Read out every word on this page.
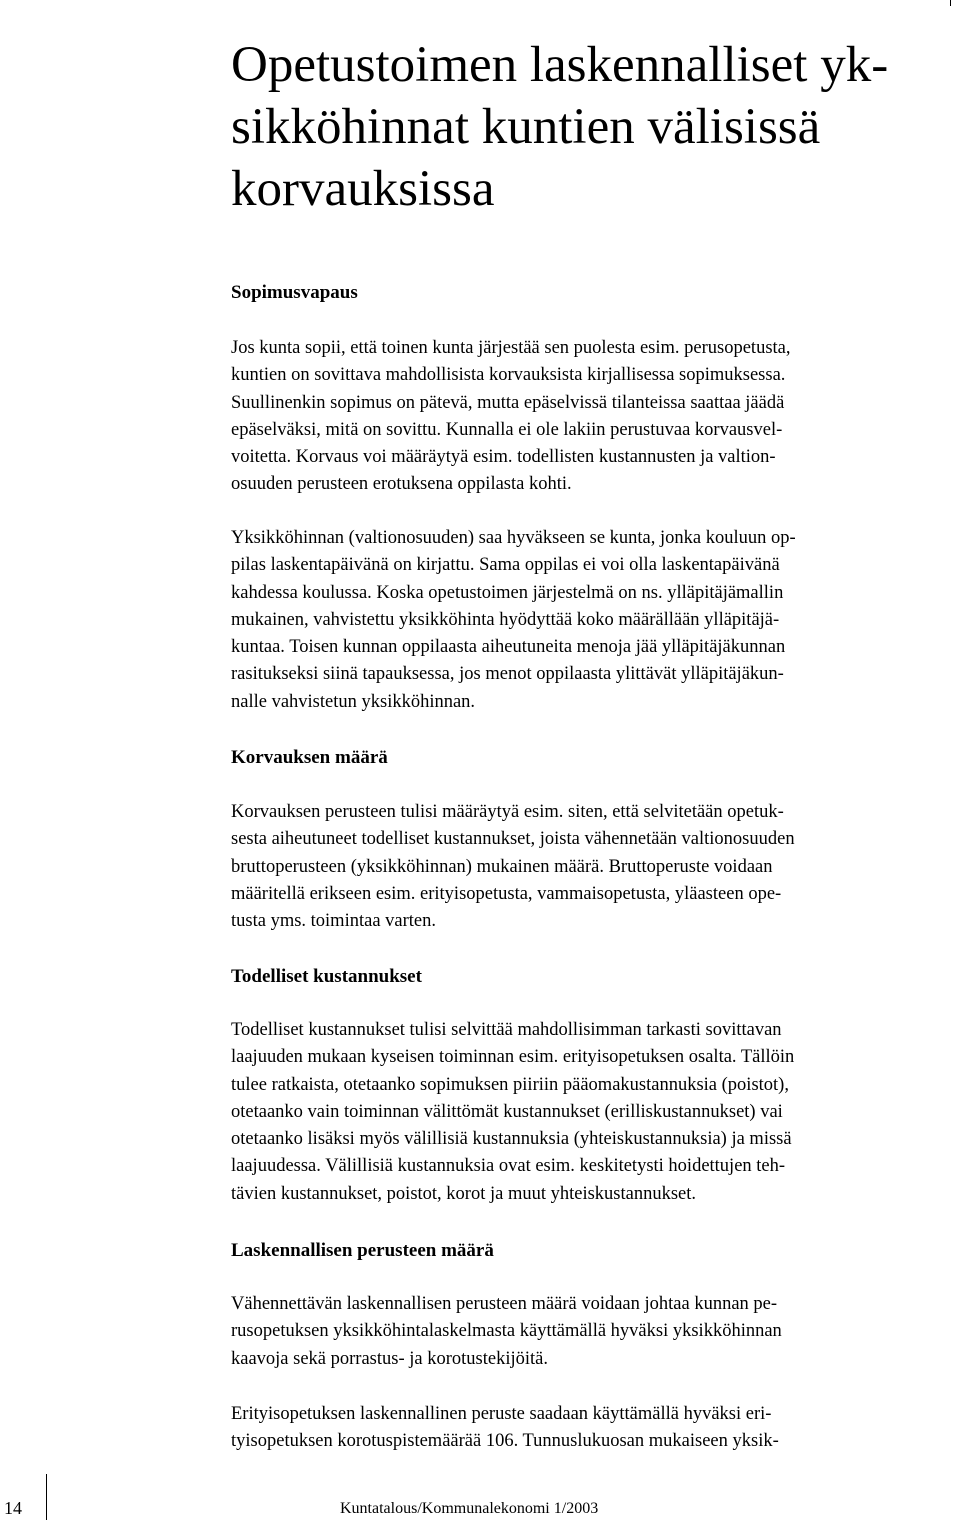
Opetustoimen laskennalliset yk-
sikköhinnat kuntien välisissä
korvauksissa
Sopimusvapaus

Jos kunta sopii, että toinen kunta järjestää sen puolesta esim. perusopetusta,
kuntien on sovittava mahdollisista korvauksista kirjallisessa sopimuksessa.
Suullinenkin sopimus on pätevä, mutta epäselvissä tilanteissa saattaa jäädä
epäselväksi, mitä on sovittu. Kunnalla ei ole lakiin perustuvaa korvausvel-
voitetta. Korvaus voi määräytyä esim. todellisten kustannusten ja valtion-
osuuden perusteen erotuksena oppilasta kohti.

Yksikköhinnan (valtionosuuden) saa hyväkseen se kunta, jonka kouluun op-
pilas laskentapäivänä on kirjattu. Sama oppilas ei voi olla laskentapäivänä
kahdessa koulussa. Koska opetustoimen järjestelmä on ns. ylläpitäjämallin
mukainen, vahvistettu yksikköhinta hyödyttää koko määrällään ylläpitäjä-
kuntaa. Toisen kunnan oppilaasta aiheutuneita menoja jää ylläpitäjäkunnan
rasitukseksi siinä tapauksessa, jos menot oppilaasta ylittävät ylläpitäjäkun-
nalle vahvistetun yksikköhinnan.

Korvauksen määrä

Korvauksen perusteen tulisi määräytyä esim. siten, että selvitetään opetuk-
sesta aiheutuneet todelliset kustannukset, joista vähennetään valtionosuuden
bruttoperusteen (yksikköhinnan) mukainen määrä. Bruttoperuste voidaan
määritellä erikseen esim. erityisopetusta, vammaisopetusta, yläasteen ope-
tusta yms. toimintaa varten.

Todelliset kustannukset

Todelliset kustannukset tulisi selvittää mahdollisimman tarkasti sovittavan
laajuuden mukaan kyseisen toiminnan esim. erityisopetuksen osalta. Tällöin
tulee ratkaista, otetaanko sopimuksen piiriin pääomakustannuksia (poistot),
otetaanko vain toiminnan välittömät kustannukset (erilliskustannukset) vai
otetaanko lisäksi myös välillisiä kustannuksia (yhteiskustannuksia) ja missä
laajuudessa. Välillisiä kustannuksia ovat esim. keskitetysti hoidettujen teh-
tävien kustannukset, poistot, korot ja muut yhteiskustannukset.

Laskennallisen perusteen määrä

Vähennettävän laskennallisen perusteen määrä voidaan johtaa kunnan pe-
rusopetuksen yksikköhintalaskelmasta käyttämällä hyväksi yksikköhinnan
kaavoja sekä porrastus- ja korotustekijöitä.

Erityisopetuksen laskennallinen peruste saadaan käyttämällä hyväksi eri-
tyisopetuksen korotuspistemäärää 106. Tunnuslukuosan mukaiseen yksik-

14	Kuntatalous/Kommunalekonomi 1/2003
